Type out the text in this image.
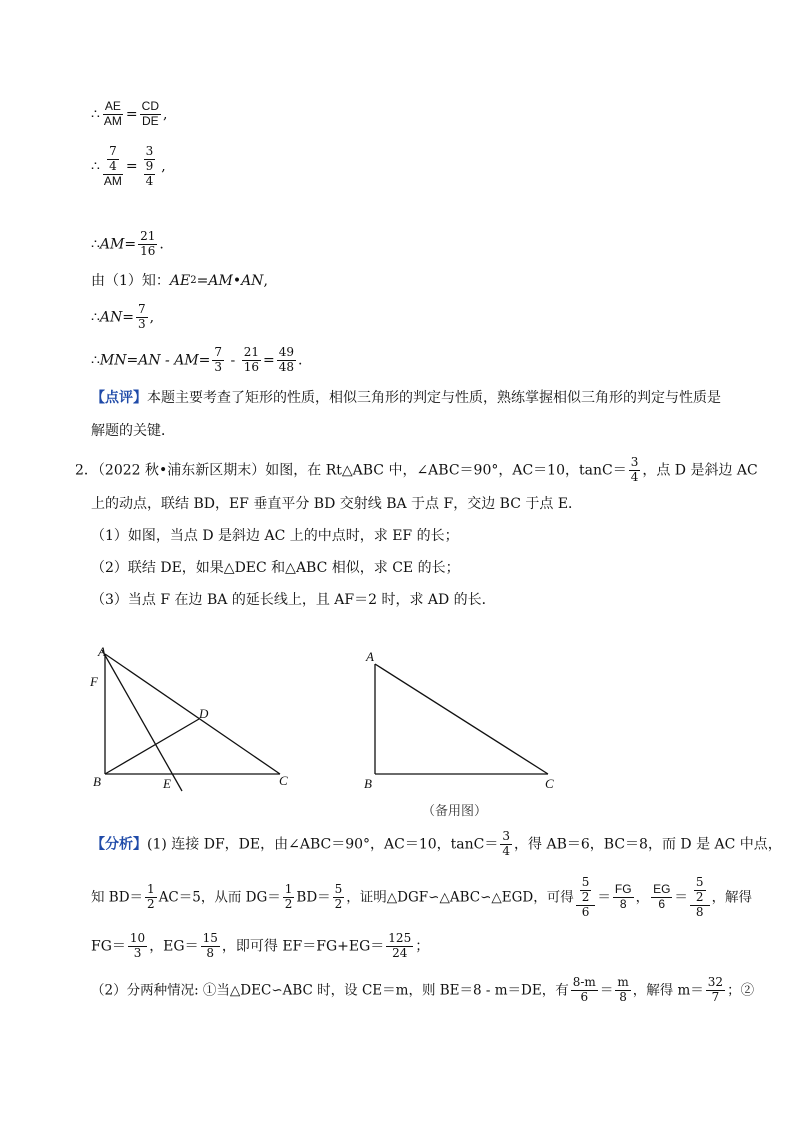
∴ $\frac{AE}{AM} = \frac{CD}{DE}$ ,
∴ $\frac{\frac{7}{4}}{AM} = \frac{3}{\frac{9}{4}}$ ,
∴AM= $\frac{21}{16}$ .
由（1）知：AE2=AM•AN,
∴AN= $\frac{7}{3}$ ,
∴MN=AN - $AM= \frac{7}{3} - \frac{21}{16} = \frac{49}{48}$ .
【点评】本题主要考查了矩形的性质，相似三角形的判定与性质，熟练掌握相似三角形的判定与性质是
解题的关键．
2．（2022 秋•浦东新区期末）如图，在 Rt△ABC 中，∠ABC＝90°，AC＝10，$\tan C= \frac{3}{4}$ ，点 D 是斜边 AC
上的动点，联结 BD，EF 垂直平分 BD 交射线 BA 于点 F，交边 BC 于点 E．
（1）如图，当点 D 是斜边 AC 上的中点时，求 EF 的长；
（2）联结 DE，如果△DEC 和△ABC 相似，求 CE 的长；
（3）当点 F 在边 BA 的延长线上，且 AF＝2 时，求 AD 的长．
A
F
D
B	E	C
A
B	C
（备用图）
【分析】(1) 连接 DF，DE，由∠ABC＝90°，AC＝10，$\tan C= \frac{3}{4}$ ，得 AB＝6，BC＝8，而 D 是 AC 中点，
知 $BD= \frac{1}{2} AC=5$，从而 $DG= \frac{1}{2} BD= \frac{5}{2}$ ，证明△DGF∽△ABC∽△EGD，可得 $\frac{\frac{5}{2}}{6} = \frac{FG}{8}$ ， $\frac{EG}{6} = \frac{\frac{5}{2}}{8}$ ，解得
$FG= \frac{10}{3}$ ，$EG= \frac{15}{8}$ ，即可得 $EF=FG+EG= \frac{125}{24}$ ；
（2）分两种情况: ①当△DEC∽ABC 时，设 CE＝m，则 BE＝8 - m＝DE，有 $\frac{8-m}{6} = \frac{m}{8}$ ，解得 $m= \frac{32}{7}$ ；②
